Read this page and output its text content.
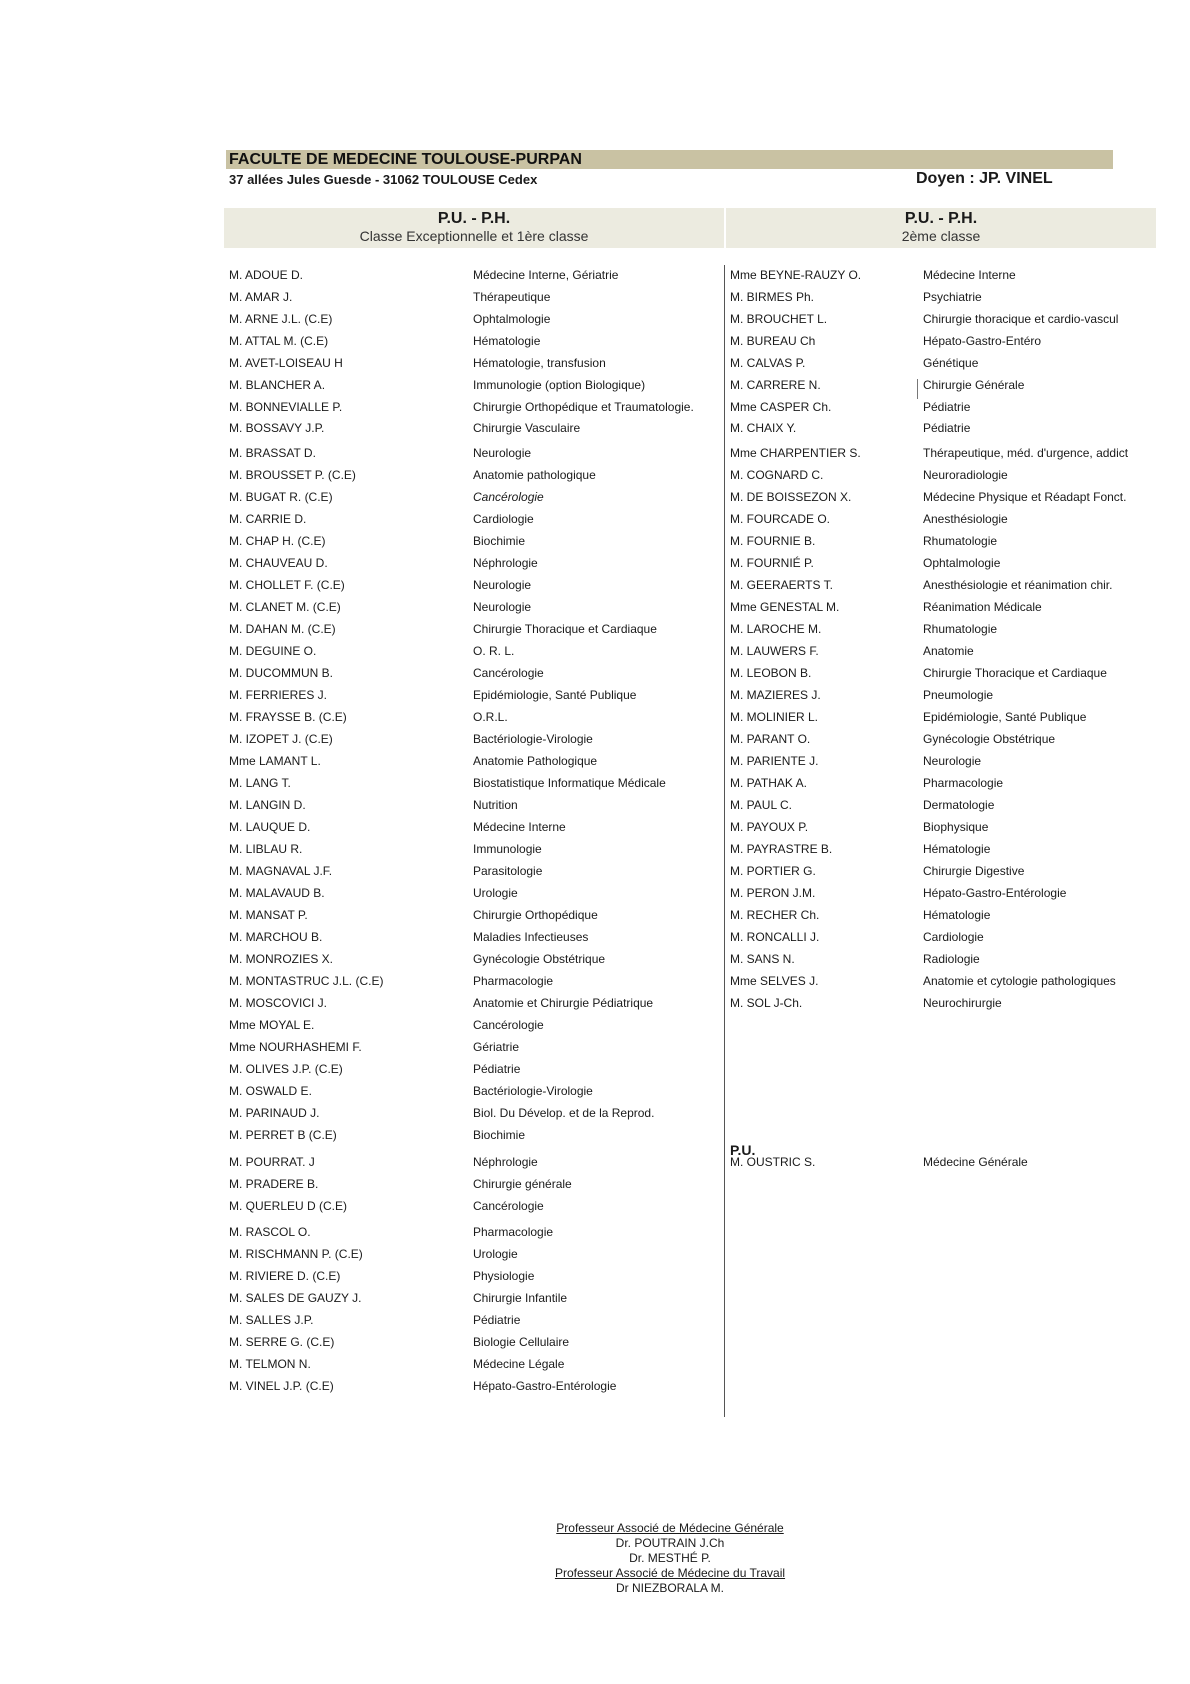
FACULTE DE MEDECINE TOULOUSE-PURPAN
37 allées Jules Guesde - 31062 TOULOUSE Cedex	Doyen : JP. VINEL
P.U. - P.H.
Classe Exceptionnelle et 1ère classe
P.U. - P.H.
2ème classe
M. ADOUE D.	Médecine Interne, Gériatrie
M. AMAR J.	Thérapeutique
M. ARNE J.L. (C.E)	Ophtalmologie
M. ATTAL M. (C.E)	Hématologie
M. AVET-LOISEAU H	Hématologie, transfusion
M. BLANCHER A.	Immunologie (option Biologique)
M. BONNEVIALLE P.	Chirurgie Orthopédique et Traumatologie.
M. BOSSAVY J.P.	Chirurgie Vasculaire
M. BRASSAT D.	Neurologie
M. BROUSSET P. (C.E)	Anatomie pathologique
M. BUGAT R. (C.E)	Cancérologie
M. CARRIE D.	Cardiologie
M. CHAP H. (C.E)	Biochimie
M. CHAUVEAU D.	Néphrologie
M. CHOLLET F. (C.E)	Neurologie
M. CLANET M. (C.E)	Neurologie
M. DAHAN M. (C.E)	Chirurgie Thoracique et Cardiaque
M. DEGUINE O.	O. R. L.
M. DUCOMMUN B.	Cancérologie
M. FERRIERES J.	Epidémiologie, Santé Publique
M. FRAYSSE B. (C.E)	O.R.L.
M. IZOPET J. (C.E)	Bactériologie-Virologie
Mme LAMANT L.	Anatomie Pathologique
M. LANG T.	Biostatistique Informatique Médicale
M. LANGIN D.	Nutrition
M. LAUQUE D.	Médecine Interne
M. LIBLAU R.	Immunologie
M. MAGNAVAL J.F.	Parasitologie
M. MALAVAUD B.	Urologie
M. MANSAT P.	Chirurgie Orthopédique
M. MARCHOU B.	Maladies Infectieuses
M. MONROZIES X.	Gynécologie Obstétrique
M. MONTASTRUC J.L. (C.E)	Pharmacologie
M. MOSCOVICI J.	Anatomie et Chirurgie Pédiatrique
Mme MOYAL E.	Cancérologie
Mme NOURHASHEMI F.	Gériatrie
M. OLIVES J.P. (C.E)	Pédiatrie
M. OSWALD E.	Bactériologie-Virologie
M. PARINAUD J.	Biol. Du Dévelop. et de la Reprod.
M. PERRET B (C.E)	Biochimie
M. POURRAT. J	Néphrologie
M. PRADERE B.	Chirurgie générale
M. QUERLEU D (C.E)	Cancérologie
M. RASCOL O.	Pharmacologie
M. RISCHMANN P. (C.E)	Urologie
M. RIVIERE D. (C.E)	Physiologie
M. SALES DE GAUZY J.	Chirurgie Infantile
M. SALLES J.P.	Pédiatrie
M. SERRE G. (C.E)	Biologie Cellulaire
M. TELMON N.	Médecine Légale
M. VINEL J.P. (C.E)	Hépato-Gastro-Entérologie
Mme BEYNE-RAUZY O.	Médecine Interne
M. BIRMES Ph.	Psychiatrie
M. BROUCHET L.	Chirurgie thoracique et cardio-vascul
M. BUREAU Ch	Hépato-Gastro-Entéro
M. CALVAS P.	Génétique
M. CARRERE N.	Chirurgie Générale
Mme CASPER Ch.	Pédiatrie
M. CHAIX Y.	Pédiatrie
Mme CHARPENTIER S.	Thérapeutique, méd. d'urgence, addict
M. COGNARD C.	Neuroradiologie
M. DE BOISSEZON X.	Médecine Physique et Réadapt Fonct.
M. FOURCADE O.	Anesthésiologie
M. FOURNIE B.	Rhumatologie
M. FOURNIÉ P.	Ophtalmologie
M. GEERAERTS T.	Anesthésiologie et réanimation chir.
Mme GENESTAL M.	Réanimation Médicale
M. LAROCHE M.	Rhumatologie
M. LAUWERS F.	Anatomie
M. LEOBON B.	Chirurgie Thoracique et Cardiaque
M. MAZIERES J.	Pneumologie
M. MOLINIER L.	Epidémiologie, Santé Publique
M. PARANT O.	Gynécologie Obstétrique
M. PARIENTE J.	Neurologie
M. PATHAK A.	Pharmacologie
M. PAUL C.	Dermatologie
M. PAYOUX P.	Biophysique
M. PAYRASTRE B.	Hématologie
M. PORTIER G.	Chirurgie Digestive
M. PERON J.M.	Hépato-Gastro-Entérologie
M. RECHER Ch.	Hématologie
M. RONCALLI J.	Cardiologie
M. SANS N.	Radiologie
Mme SELVES J.	Anatomie et cytologie pathologiques
M. SOL J-Ch.	Neurochirurgie
P.U.
M. OUSTRIC S.	Médecine Générale
Professeur Associé de Médecine Générale
Dr. POUTRAIN J.Ch
Dr. MESTHÉ P.
Professeur Associé de Médecine du Travail
Dr NIEZBORALA M.
